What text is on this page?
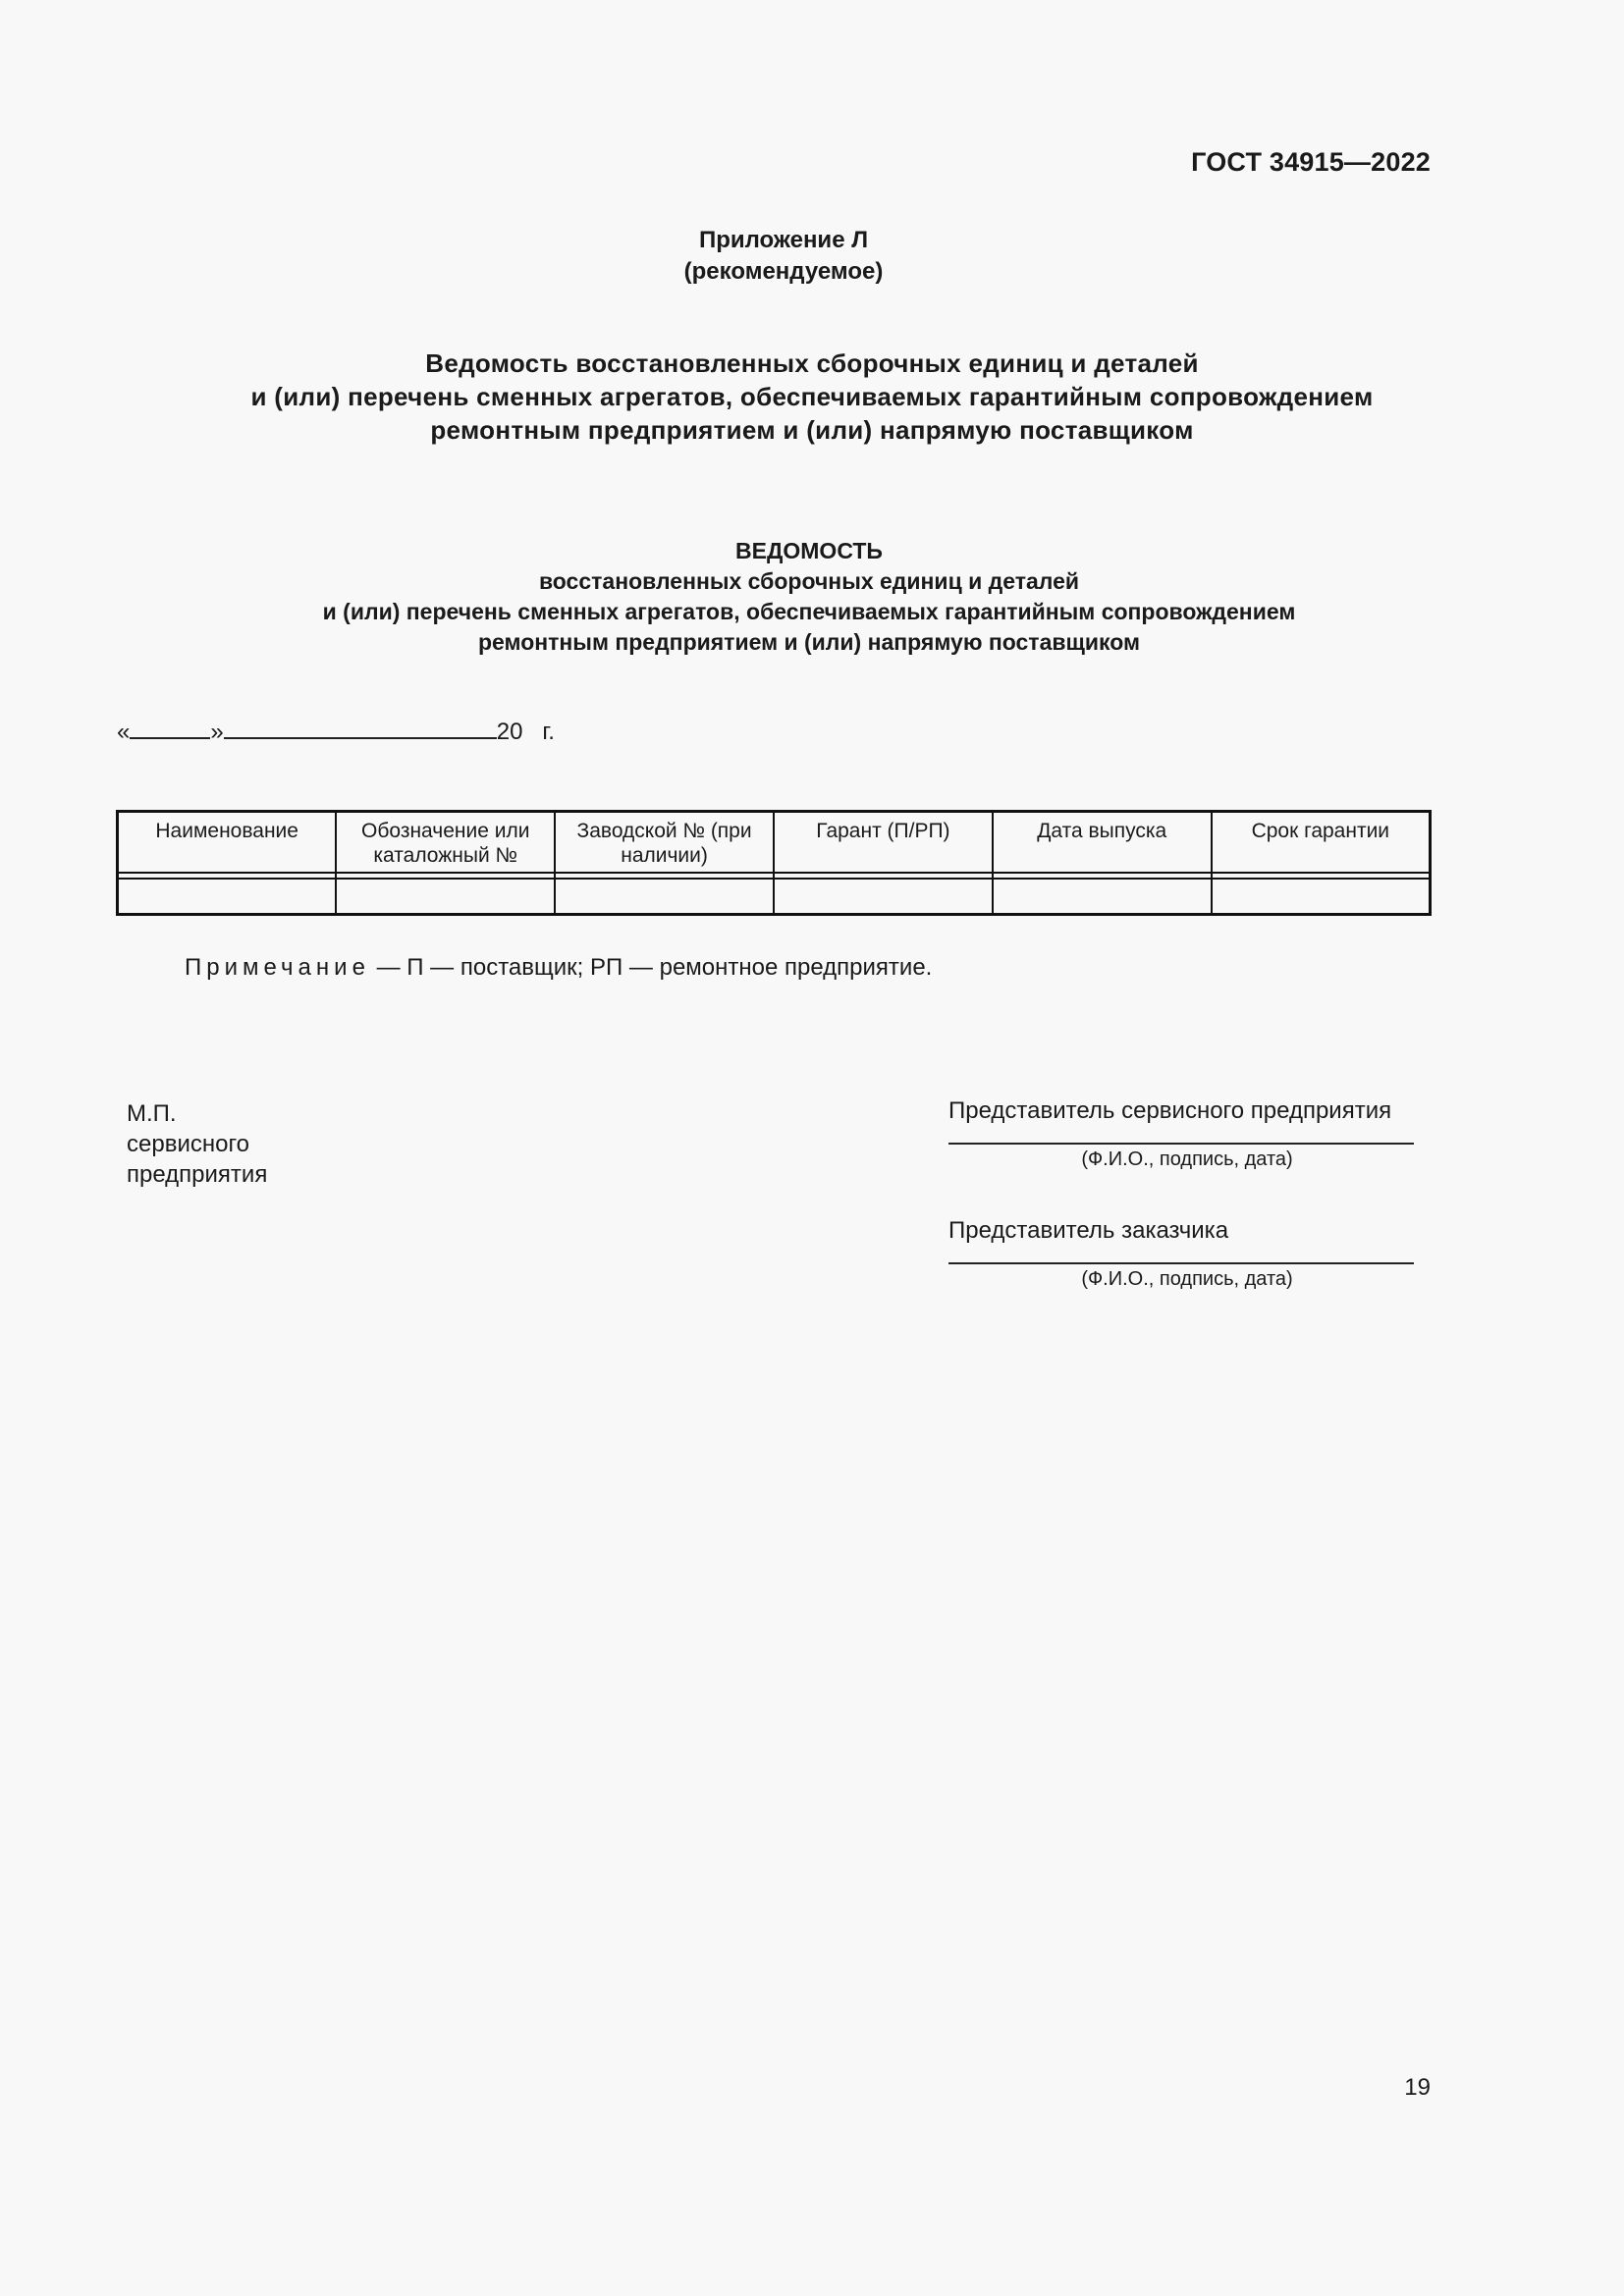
ГОСТ 34915—2022
Приложение Л
(рекомендуемое)
Ведомость восстановленных сборочных единиц и деталей
и (или) перечень сменных агрегатов, обеспечиваемых гарантийным сопровождением
ремонтным предприятием и (или) напрямую поставщиком
ВЕДОМОСТЬ
восстановленных сборочных единиц и деталей
и (или) перечень сменных агрегатов, обеспечиваемых гарантийным сопровождением
ремонтным предприятием и (или) напрямую поставщиком
«	»	20 г.
Наименование	Обозначение или каталожный №	Заводской № (при наличии)	Гарант (П/РП)	Дата выпуска	Срок гарантии

Примечание — П — поставщик; РП — ремонтное предприятие.
М.П.
сервисного
предприятия
Представитель сервисного предприятия
(Ф.И.О., подпись, дата)
Представитель заказчика
(Ф.И.О., подпись, дата)
19
